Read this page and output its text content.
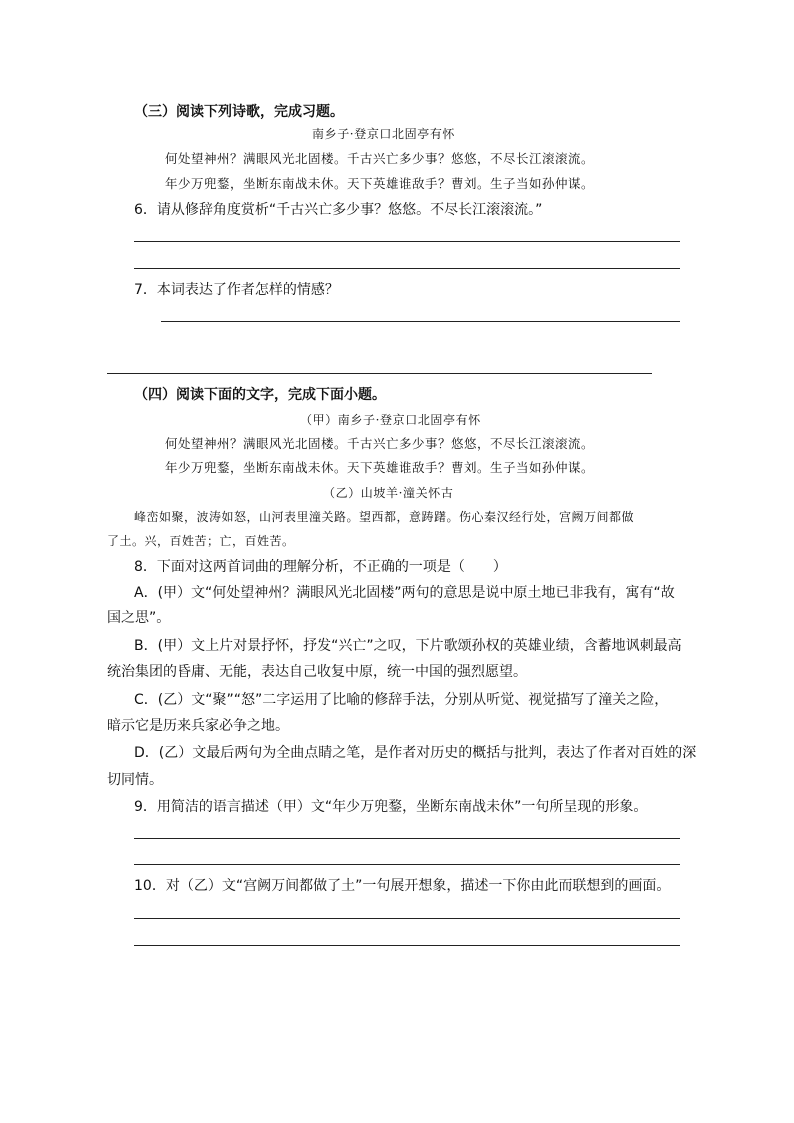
（三）阅读下列诗歌，完成习题。
南乡子·登京口北固亭有怀
何处望神州？满眼风光北固楼。千古兴亡多少事？悠悠，不尽长江滚滚流。
年少万兜鍪，坐断东南战未休。天下英雄谁敌手？曹刘。生子当如孙仲谋。
6．请从修辞角度赏析“千古兴亡多少事？悠悠。不尽长江滚滚流。”
7．本词表达了作者怎样的情感？
（四）阅读下面的文字，完成下面小题。
（甲）南乡子·登京口北固亭有怀
何处望神州？满眼风光北固楼。千古兴亡多少事？悠悠，不尽长江滚滚流。
年少万兜鍪，坐断东南战未休。天下英雄谁敌手？曹刘。生子当如孙仲谋。
（乙）山坡羊·潼关怀古
峰峦如聚，波涛如怒，山河表里潼关路。望西都，意踌躇。伤心秦汉经行处，宫阙万间都做
了土。兴，百姓苦；亡，百姓苦。
8．下面对这两首词曲的理解分析，不正确的一项是（　　）
A．(甲）文“何处望神州？满眼风光北固楼”两句的意思是说中原土地已非我有，寓有“故
国之思”。
B．(甲）文上片对景抒怀，抒发“兴亡”之叹，下片歌颂孙权的英雄业绩，含蓄地讽刺最高
统治集团的昏庸、无能，表达自己收复中原，统一中国的强烈愿望。
C．(乙）文“聚”“怒”二字运用了比喻的修辞手法，分别从听觉、视觉描写了潼关之险，
暗示它是历来兵家必争之地。
D．(乙）文最后两句为全曲点睛之笔，是作者对历史的概括与批判，表达了作者对百姓的深
切同情。
9．用简洁的语言描述（甲）文“年少万兜鍪，坐断东南战未休”一句所呈现的形象。
10．对（乙）文“宫阙万间都做了土”一句展开想象，描述一下你由此而联想到的画面。
